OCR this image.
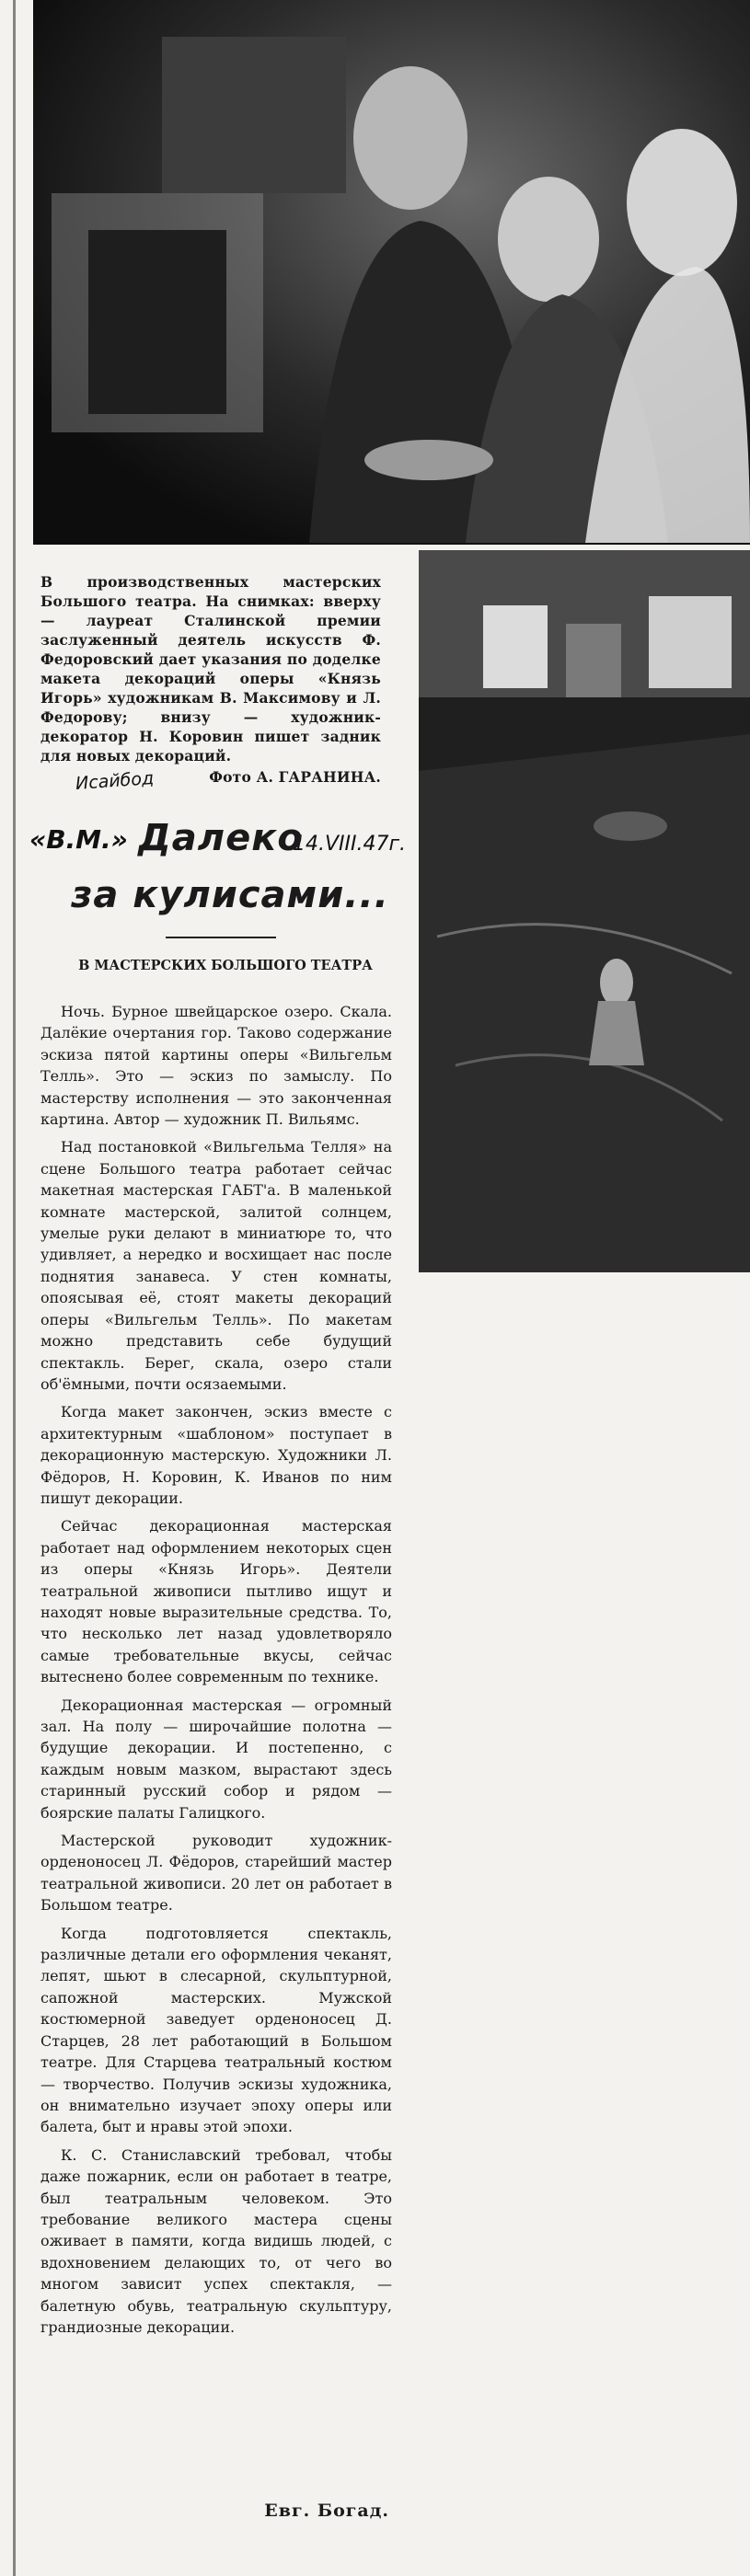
В производственных мастерских Большого театра. На снимках: вверху — лауреат Сталинской премии заслуженный деятель искусств Ф. Федоровский дает указания по доделке макета декораций оперы «Князь Игорь» художникам В. Максимову и Л. Федорову; внизу — художник-декоратор Н. Коровин пишет задник для новых декораций.
Фото А. ГАРАНИНА.
Исайбод
«В.М.»	14.VIII.47г.
Далеко
за кулисами...
В МАСТЕРСКИХ БОЛЬШОГО ТЕАТРА

Ночь. Бурное швейцарское озеро. Скала. Далёкие очертания гор. Таково содержание эскиза пятой картины оперы «Вильгельм Телль». Это — эскиз по замыслу. По мастерству исполнения — это законченная картина. Автор — художник П. Вильямс.

Над постановкой «Вильгельма Телля» на сцене Большого театра работает сейчас макетная мастерская ГАБТ'а. В маленькой комнате мастерской, залитой солнцем, умелые руки делают в миниатюре то, что удивляет, а нередко и восхищает нас после поднятия занавеса. У стен комнаты, опоясывая её, стоят макеты декораций оперы «Вильгельм Телль». По макетам можно представить себе будущий спектакль. Берег, скала, озеро стали об'ёмными, почти осязаемыми.

Когда макет закончен, эскиз вместе с архитектурным «шаблоном» поступает в декорационную мастерскую. Художники Л. Фёдоров, Н. Коровин, К. Иванов по ним пишут декорации.

Сейчас декорационная мастерская работает над оформлением некоторых сцен из оперы «Князь Игорь». Деятели театральной живописи пытливо ищут и находят новые выразительные средства. То, что несколько лет назад удовлетворяло самые требовательные вкусы, сейчас вытеснено более современным по технике.

Декорационная мастерская — огромный зал. На полу — широчайшие полотна — будущие декорации. И постепенно, с каждым новым мазком, вырастают здесь старинный русский собор и рядом — боярские палаты Галицкого.

Мастерской руководит художник-орденоносец Л. Фёдоров, старейший мастер театральной живописи. 20 лет он работает в Большом театре.

Когда подготовляется спектакль, различные детали его оформления чеканят, лепят, шьют в слесарной, скульптурной, сапожной мастерских. Мужской костюмерной заведует орденоносец Д. Старцев, 28 лет работающий в Большом театре. Для Старцева театральный костюм — творчество. Получив эскизы художника, он внимательно изучает эпоху оперы или балета, быт и нравы этой эпохи.

К. С. Станиславский требовал, чтобы даже пожарник, если он работает в театре, был театральным человеком. Это требование великого мастера сцены оживает в памяти, когда видишь людей, с вдохновением делающих то, от чего во многом зависит успех спектакля, — балетную обувь, театральную скульптуру, грандиозные декорации.

Евг. Богад.
